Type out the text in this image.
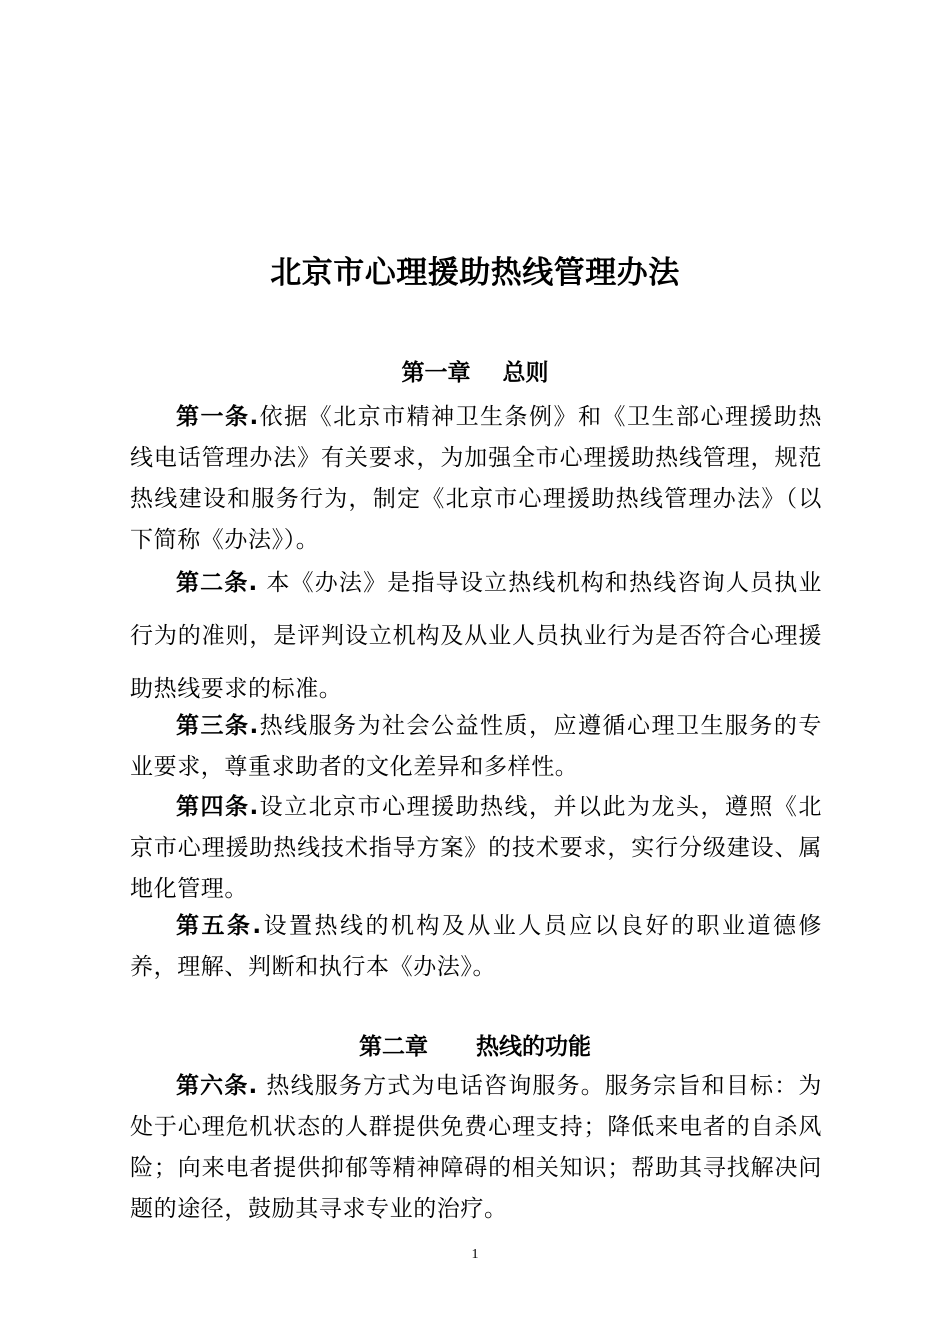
北京市心理援助热线管理办法
第一章    总则

第一条.依据《北京市精神卫生条例》和《卫生部心理援助热线电话管理办法》有关要求，为加强全市心理援助热线管理，规范热线建设和服务行为，制定《北京市心理援助热线管理办法》（以下简称《办法》）。

第二条. 本《办法》是指导设立热线机构和热线咨询人员执业行为的准则，是评判设立机构及从业人员执业行为是否符合心理援助热线要求的标准。

第三条.热线服务为社会公益性质，应遵循心理卫生服务的专业要求，尊重求助者的文化差异和多样性。

第四条.设立北京市心理援助热线，并以此为龙头，遵照《北京市心理援助热线技术指导方案》的技术要求，实行分级建设、属地化管理。

第五条.设置热线的机构及从业人员应以良好的职业道德修养，理解、判断和执行本《办法》。

第二章      热线的功能

第六条. 热线服务方式为电话咨询服务。服务宗旨和目标：为处于心理危机状态的人群提供免费心理支持；降低来电者的自杀风险；向来电者提供抑郁等精神障碍的相关知识；帮助其寻找解决问题的途径，鼓励其寻求专业的治疗。

1
